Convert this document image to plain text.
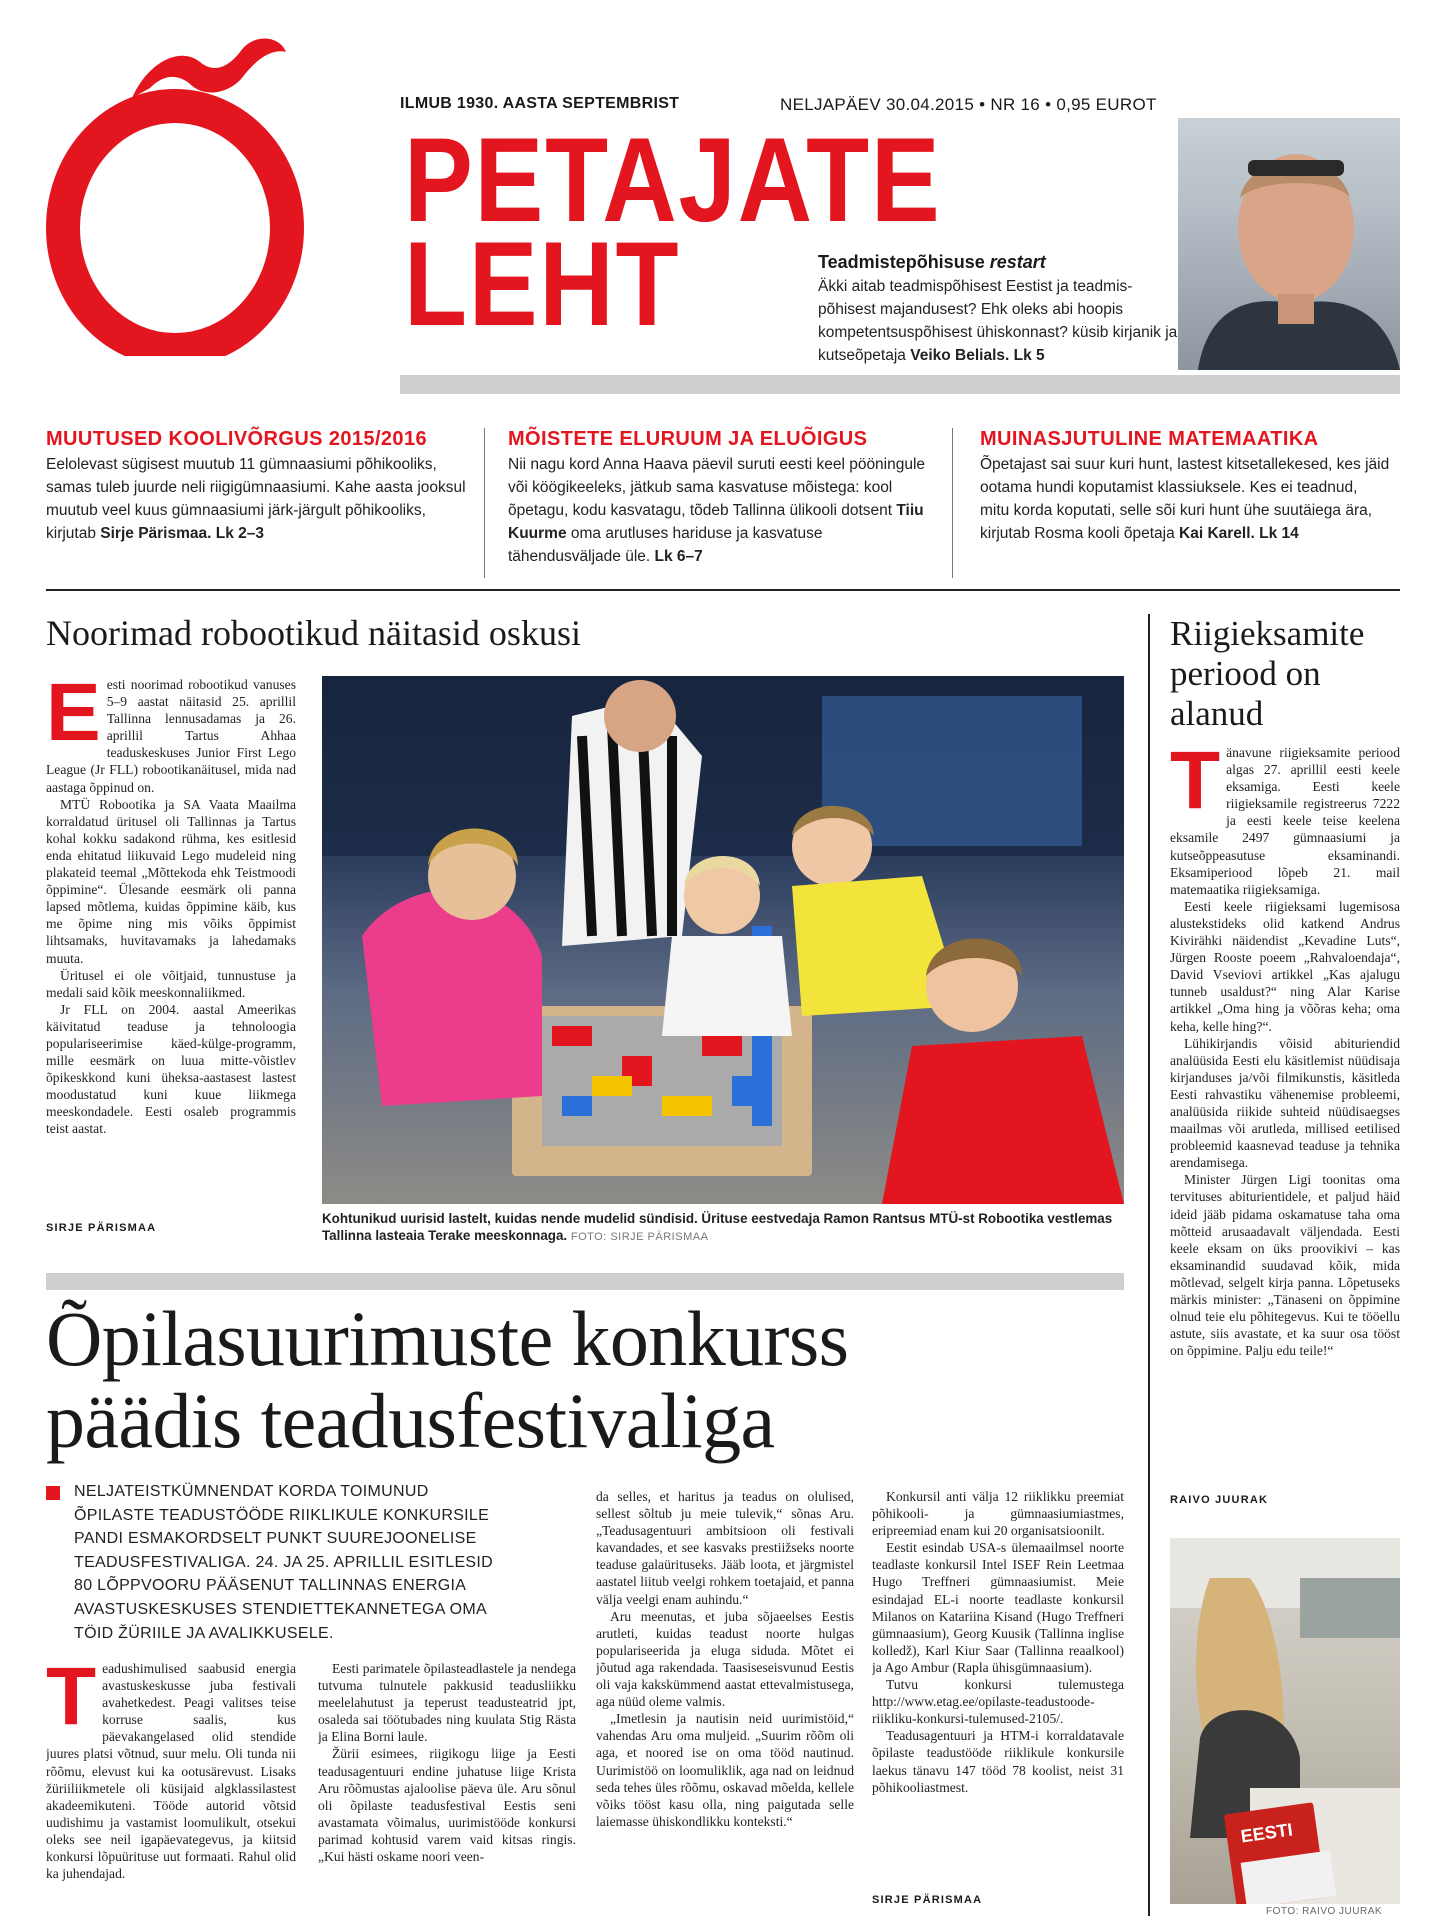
ILMUB 1930. AASTA SEPTEMBRIST	NELJAPÄEV 30.04.2015 • NR 16 • 0,95 EUROT
PETAJATE
LEHT	Teadmistepõhisuse restart
Äkki aitab teadmispõhisest Eestist ja teadmispõhisest majandusest? Ehk oleks abi hoopis kompetentsuspõhisest ühiskonnast? küsib kirjanik ja kutseõpetaja Veiko Belials. Lk 5
MUUTUSED KOOLIVÕRGUS 2015/2016
Eelolevast sügisest muutub 11 gümnaasiumi põhikooliks, samas tuleb juurde neli riigigümnaasiumi. Kahe aasta jooksul muutub veel kuus gümnaasiumi järk-järgult põhikooliks, kirjutab Sirje Pärismaa. Lk 2–3
MÕISTETE ELURUUM JA ELUÕIGUS
Nii nagu kord Anna Haava päevil suruti eesti keel pööningule või köögikeeleks, jätkub sama kasvatuse mõistega: kool õpetagu, kodu kasvatagu, tõdeb Tallinna ülikooli dotsent Tiiu Kuurme oma arutluses hariduse ja kasvatuse tähendusväljade üle. Lk 6–7
MUINASJUTULINE MATEMAATIKA
Õpetajast sai suur kuri hunt, lastest kitsetallekesed, kes jäid ootama hundi koputamist klassiuksele. Kes ei teadnud, mitu korda koputati, selle sõi kuri hunt ühe suutäiega ära, kirjutab Rosma kooli õpetaja Kai Karell. Lk 14
Noorimad robootikud näitasid oskusi
E esti noorimad robootikud vanuses 5–9 aastat näitasid 25. aprillil Tallinna lennusadamas ja 26. aprillil Tartus Ahhaa teaduskeskuses Junior First Lego League (Jr FLL) robootikanäitusel, mida nad aastaga õppinud on.

MTÜ Robootika ja SA Vaata Maailma korraldatud üritusel oli Tallinnas ja Tartus kohal kokku sadakond rühma, kes esitlesid enda ehitatud liikuvaid Lego mudeleid ning plakateid teemal „Mõttekoda ehk Teistmoodi õppimine“. Ülesande eesmärk oli panna lapsed mõtlema, kuidas õppimine käib, kus me õpime ning mis võiks õppimist lihtsamaks, huvitavamaks ja lahedamaks muuta.

Üritusel ei olе võitjaid, tunnustuse ja medali said kõik meeskonnaliikmed.

Jr FLL on 2004. aastal Ameerikas käivitatud teaduse ja tehnoloogia populariseerimise käed-külge-programm, mille eesmärk on luua mitte-võistlev õpikeskkond kuni üheksa-aastasest lastest moodustatud kuni kuue liikmega meeskondadele. Eesti osaleb programmis teist aastat.

SIRJE PÄRISMAA
Kohtunikud uurisid lastelt, kuidas nende mudelid sündisid. Ürituse eestvedaja Ramon Rantsus MTÜ-st Robootika vestlemas Tallinna lasteaia Terake meeskonnaga. FOTO: SIRJE PÄRISMAA
Riigieksamite periood on alanud
T änavune riigieksamite periood algas 27. aprillil eesti keele eksamiga. Eesti keele riigieksamile registreerus 7222 ja eesti keele teise keelena eksamile 2497 gümnaasiumi ja kutseõppeasutuse eksaminandi. Eksamiperiood lõpeb 21. mail matemaatika riigieksamiga.

Eesti keele riigieksami lugemisosa alustekstideks olid katkend Andrus Kivirähki näidendist „Kevadine Luts“, Jürgen Rooste poeem „Rahvaloendaja“, David Vseviovi artikkel „Kas ajalugu tunneb usaldust?“ ning Alar Karise artikkel „Oma hing ja võõras keha; oma keha, kelle hing?“.

Lühikirjandis võisid abituriendid analüüsida Eesti elu käsitlemist nüüdisaja kirjanduses ja/või filmikunstis, käsitleda Eesti rahvastiku vähenemise probleemi, analüüsida riikide suhteid nüüdisaegses maailmas või arutleda, millised eetilised probleemid kaasnevad teaduse ja tehnika arendamisega.

Minister Jürgen Ligi toonitas oma tervituses abiturientidele, et paljud häid ideid jääb pidama oskamatuse taha oma mõtteid arusaadavalt väljendada. Eesti keele eksam on üks proovikivi – kas eksaminandid suudavad kõik, mida mõtlevad, selgelt kirja panna. Lõpetuseks märkis minister: „Tänaseni on õppimine olnud teie elu põhitegevus. Kui te tööellu astute, siis avastate, et ka suur osa tööst on õppimine. Palju edu teile!“

RAIVO JUURAK
EESTI
FOTO: RAIVO JUURAK
Õpilasuurimuste konkurss
päädis teadusfestivaliga
NELJATEISTKÜMNENDAT KORDA TOIMUNUD ÕPILASTE TEADUSTÖÖDE RIIKLIKULE KONKURSILE PANDI ESMAKORDSELT PUNKT SUUREJOONELISE TEADUSFESTIVALIGA. 24. JA 25. APRILLIL ESITLESID 80 LÕPPVOORU PÄÄSENUT TALLINNAS ENERGIA AVASTUSKESKUSES STENDIETTEKANNETEGA OMA TÖID ŽÜRIILE JA AVALIKKUSELE.
T eadushimulised saabusid energia avastuskeskusse juba festivali avahetkedest. Peagi valitses teise korruse saalis, kus päevakangelased olid stendide juures platsi võtnud, suur melu. Oli tunda nii rõõmu, elevust kui ka ootusärevust. Lisaks žüriiliikmetele oli küsijaid algklassilastest akadeemikuteni. Tööde autorid võtsid uudishimu ja vastamist loomulikult, otsekui oleks see neil igapäevategevus, ja kiitsid konkursi lõpuürituse uut formaati. Rahul olid ka juhendajad.

Eesti parimatele õpilasteadlastele ja nendega tutvuma tulnutele pakkusid teadusliikku meelelahutust ja teperust teadusteatrid jpt, osaleda sai töötubades ning kuulata Stig Rästa ja Elina Borni laule.

Žürii esimees, riigikogu liige ja Eesti teadusagentuuri endine juhatuse liige Krista Aru rõõmustas ajaloolise päeva üle. Aru sõnul oli õpilaste teadusfestival Eestis seni avastamata võimalus, uurimistööde konkursi parimad kohtusid varem vaid kitsas ringis. „Kui hästi oskame noori veen-

da selles, et haritus ja teadus on olulised, sellest sõltub ju meie tulevik,“ sõnas Aru. „Teadusagentuuri ambitsioon oli festivali kavandades, et see kasvaks prestiižseks noorte teaduse galaürituseks. Jääb loota, et järgmistel aastatel liitub veelgi rohkem toetajaid, et panna välja veelgi enam auhindu.“

Aru meenutas, et juba sõjaeelses Eestis arutleti, kuidas teadust noorte hulgas populariseerida ja eluga siduda. Mõtet ei jõutud aga rakendada. Taasiseseisvunud Eestis oli vaja kakskümmend aastat ettevalmistusega, aga nüüd oleme valmis.

„Imetlesin ja nautisin neid uurimistöid,“ vahendas Aru oma muljeid. „Suurim rõõm oli aga, et noored ise on oma tööd nautinud. Uurimistöö on loomuliklik, aga nad on leidnud seda tehes üles rõõmu, oskavad mõelda, kellele võiks tööst kasu olla, ning paigutada selle laiemasse ühiskondlikku konteksti.“

Konkursil anti välja 12 riiklikku preemiat põhikooli- ja gümnaasiumiastmes, eripreemiad enam kui 20 organisatsioonilt.

Eestit esindab USA-s ülemaailmsel noorte teadlaste konkursil Intel ISEF Rein Leetmaa Hugo Treffneri gümnaasiumist. Meie esindajad EL-i noorte teadlaste konkursil Milanos on Katariina Kisand (Hugo Treffneri gümnaasium), Georg Kuusik (Tallinna inglise kolledž), Karl Kiur Saar (Tallinna reaalkool) ja Ago Ambur (Rapla ühisgümnaasium).

Tutvu konkursi tulemustega http://www.etag.ee/opilaste-teadustoode-riikliku-konkursi-tulemused-2105/.

Teadusagentuuri ja HTM-i korraldatavale õpilaste teadustööde riiklikule konkursile laekus tänavu 147 tööd 78 koolist, neist 31 põhikooliastmest.

SIRJE PÄRISMAA
